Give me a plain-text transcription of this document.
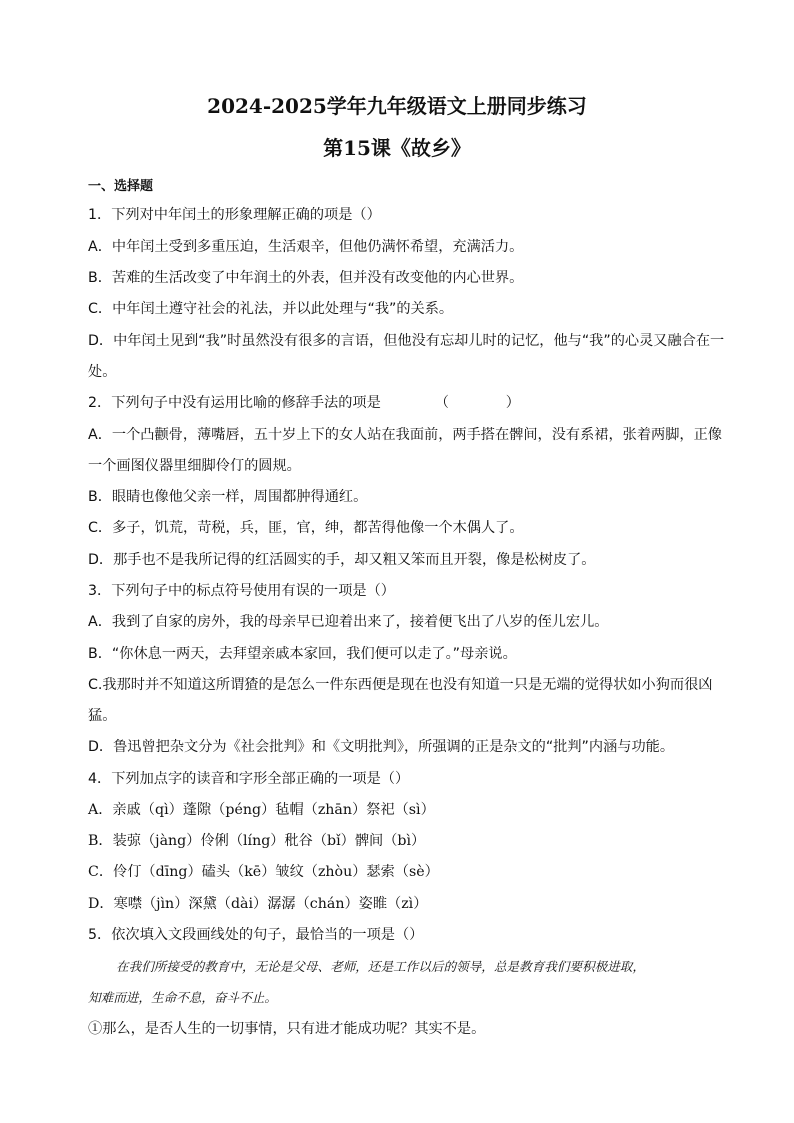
2024-2025学年九年级语文上册同步练习
第15课《故乡》
一、选择题
1．下列对中年闰土的形象理解正确的项是（）
A．中年闰土受到多重压迫，生活艰辛，但他仍满怀希望，充满活力。
B．苦难的生活改变了中年润土的外表，但并没有改变他的内心世界。
C．中年闰土遵守社会的礼法，并以此处理与“我”的关系。
D．中年闰土见到“我”时虽然没有很多的言语，但他没有忘却儿时的记忆，他与“我”的心灵又融合在一
处。
2．下列句子中没有运用比喻的修辞手法的项是	（　　　　）
A．一个凸颧骨，薄嘴唇，五十岁上下的女人站在我面前，两手搭在髀间，没有系裙，张着两脚，正像
一个画图仪器里细脚伶仃的圆规。
B．眼睛也像他父亲一样，周围都肿得通红。
C．多子，饥荒，苛税，兵，匪，官，绅，都苦得他像一个木偶人了。
D．那手也不是我所记得的红活圆实的手，却又粗又笨而且开裂，像是松树皮了。
3．下列句子中的标点符号使用有误的一项是（）
A．我到了自家的房外，我的母亲早已迎着出来了，接着便飞出了八岁的侄儿宏儿。
B．“你休息一两天，去拜望亲戚本家回，我们便可以走了。”母亲说。
C.我那时并不知道这所谓猹的是怎么一件东西便是现在也没有知道一只是无端的觉得状如小狗而很凶
猛。
D．鲁迅曾把杂文分为《社会批判》和《文明批判》，所强调的正是杂文的“批判”内涵与功能。
4．下列加点字的读音和字形全部正确的一项是（）
A．亲戚（qì）蓬隙（péng）毡帽（zhān）祭祀（sì）
B．装弶（jàng）伶俐（líng）秕谷（bǐ）髀间（bì）
C．伶仃（dīng）磕头（kē）皱纹（zhòu）瑟索（sè）
D．寒噤（jìn）深黛（dài）潺潺（chán）姿睢（zì）
5．依次填入文段画线处的句子，最恰当的一项是（）
在我们所接受的教育中，无论是父母、老师，还是工作以后的领导，总是教育我们要积极进取，
知难而进，生命不息，奋斗不止。
①那么，是否人生的一切事情，只有进才能成功呢？其实不是。
